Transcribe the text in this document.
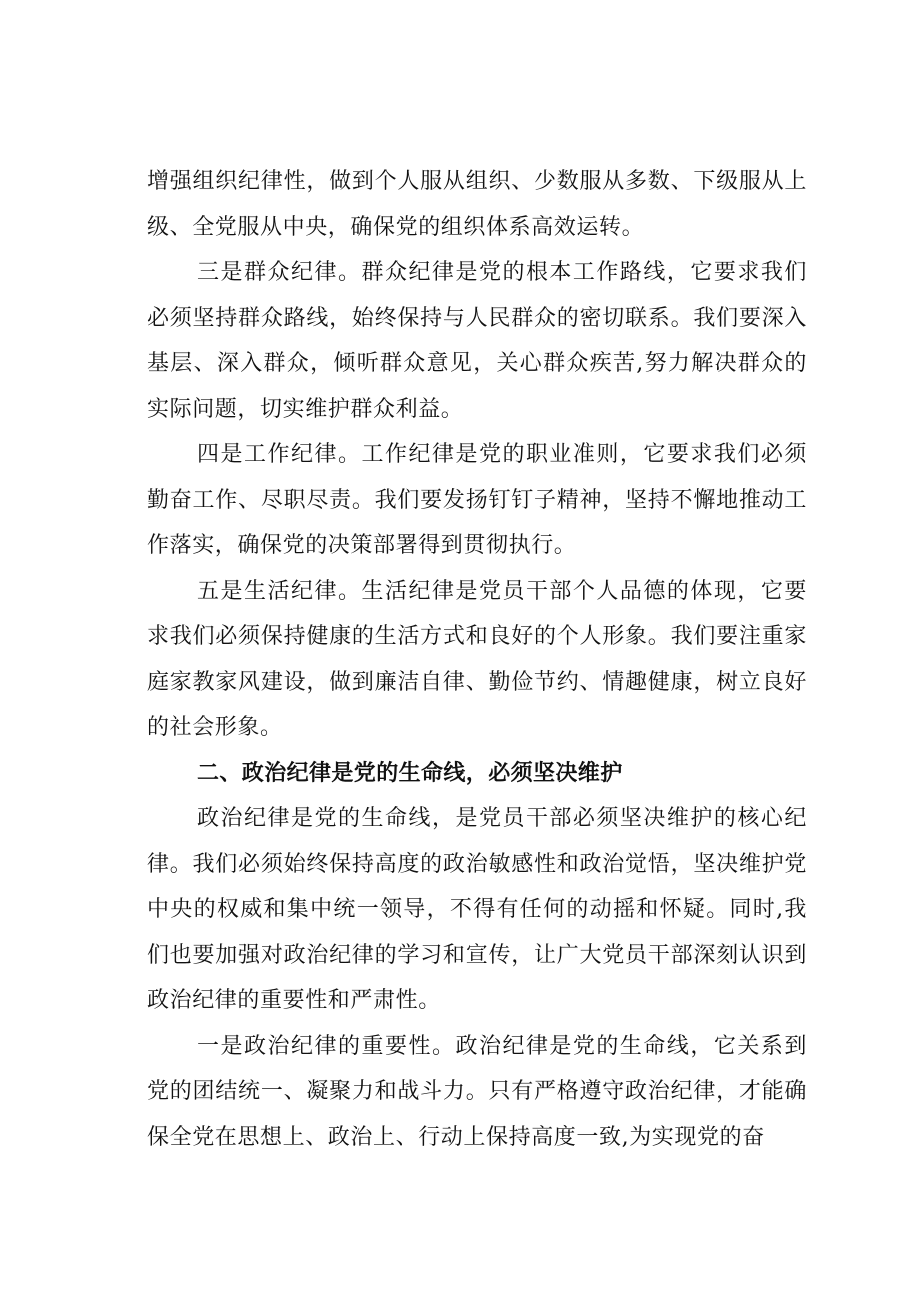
增强组织纪律性，做到个人服从组织、少数服从多数、下级服从上级、全党服从中央，确保党的组织体系高效运转。

三是群众纪律。群众纪律是党的根本工作路线，它要求我们必须坚持群众路线，始终保持与人民群众的密切联系。我们要深入基层、深入群众，倾听群众意见，关心群众疾苦,努力解决群众的实际问题，切实维护群众利益。

四是工作纪律。工作纪律是党的职业准则，它要求我们必须勤奋工作、尽职尽责。我们要发扬钉钉子精神，坚持不懈地推动工作落实，确保党的决策部署得到贯彻执行。

五是生活纪律。生活纪律是党员干部个人品德的体现，它要求我们必须保持健康的生活方式和良好的个人形象。我们要注重家庭家教家风建设，做到廉洁自律、勤俭节约、情趣健康，树立良好的社会形象。

二、政治纪律是党的生命线，必须坚决维护

政治纪律是党的生命线，是党员干部必须坚决维护的核心纪律。我们必须始终保持高度的政治敏感性和政治觉悟，坚决维护党中央的权威和集中统一领导，不得有任何的动摇和怀疑。同时,我们也要加强对政治纪律的学习和宣传，让广大党员干部深刻认识到政治纪律的重要性和严肃性。

一是政治纪律的重要性。政治纪律是党的生命线，它关系到党的团结统一、凝聚力和战斗力。只有严格遵守政治纪律，才能确保全党在思想上、政治上、行动上保持高度一致,为实现党的奋
